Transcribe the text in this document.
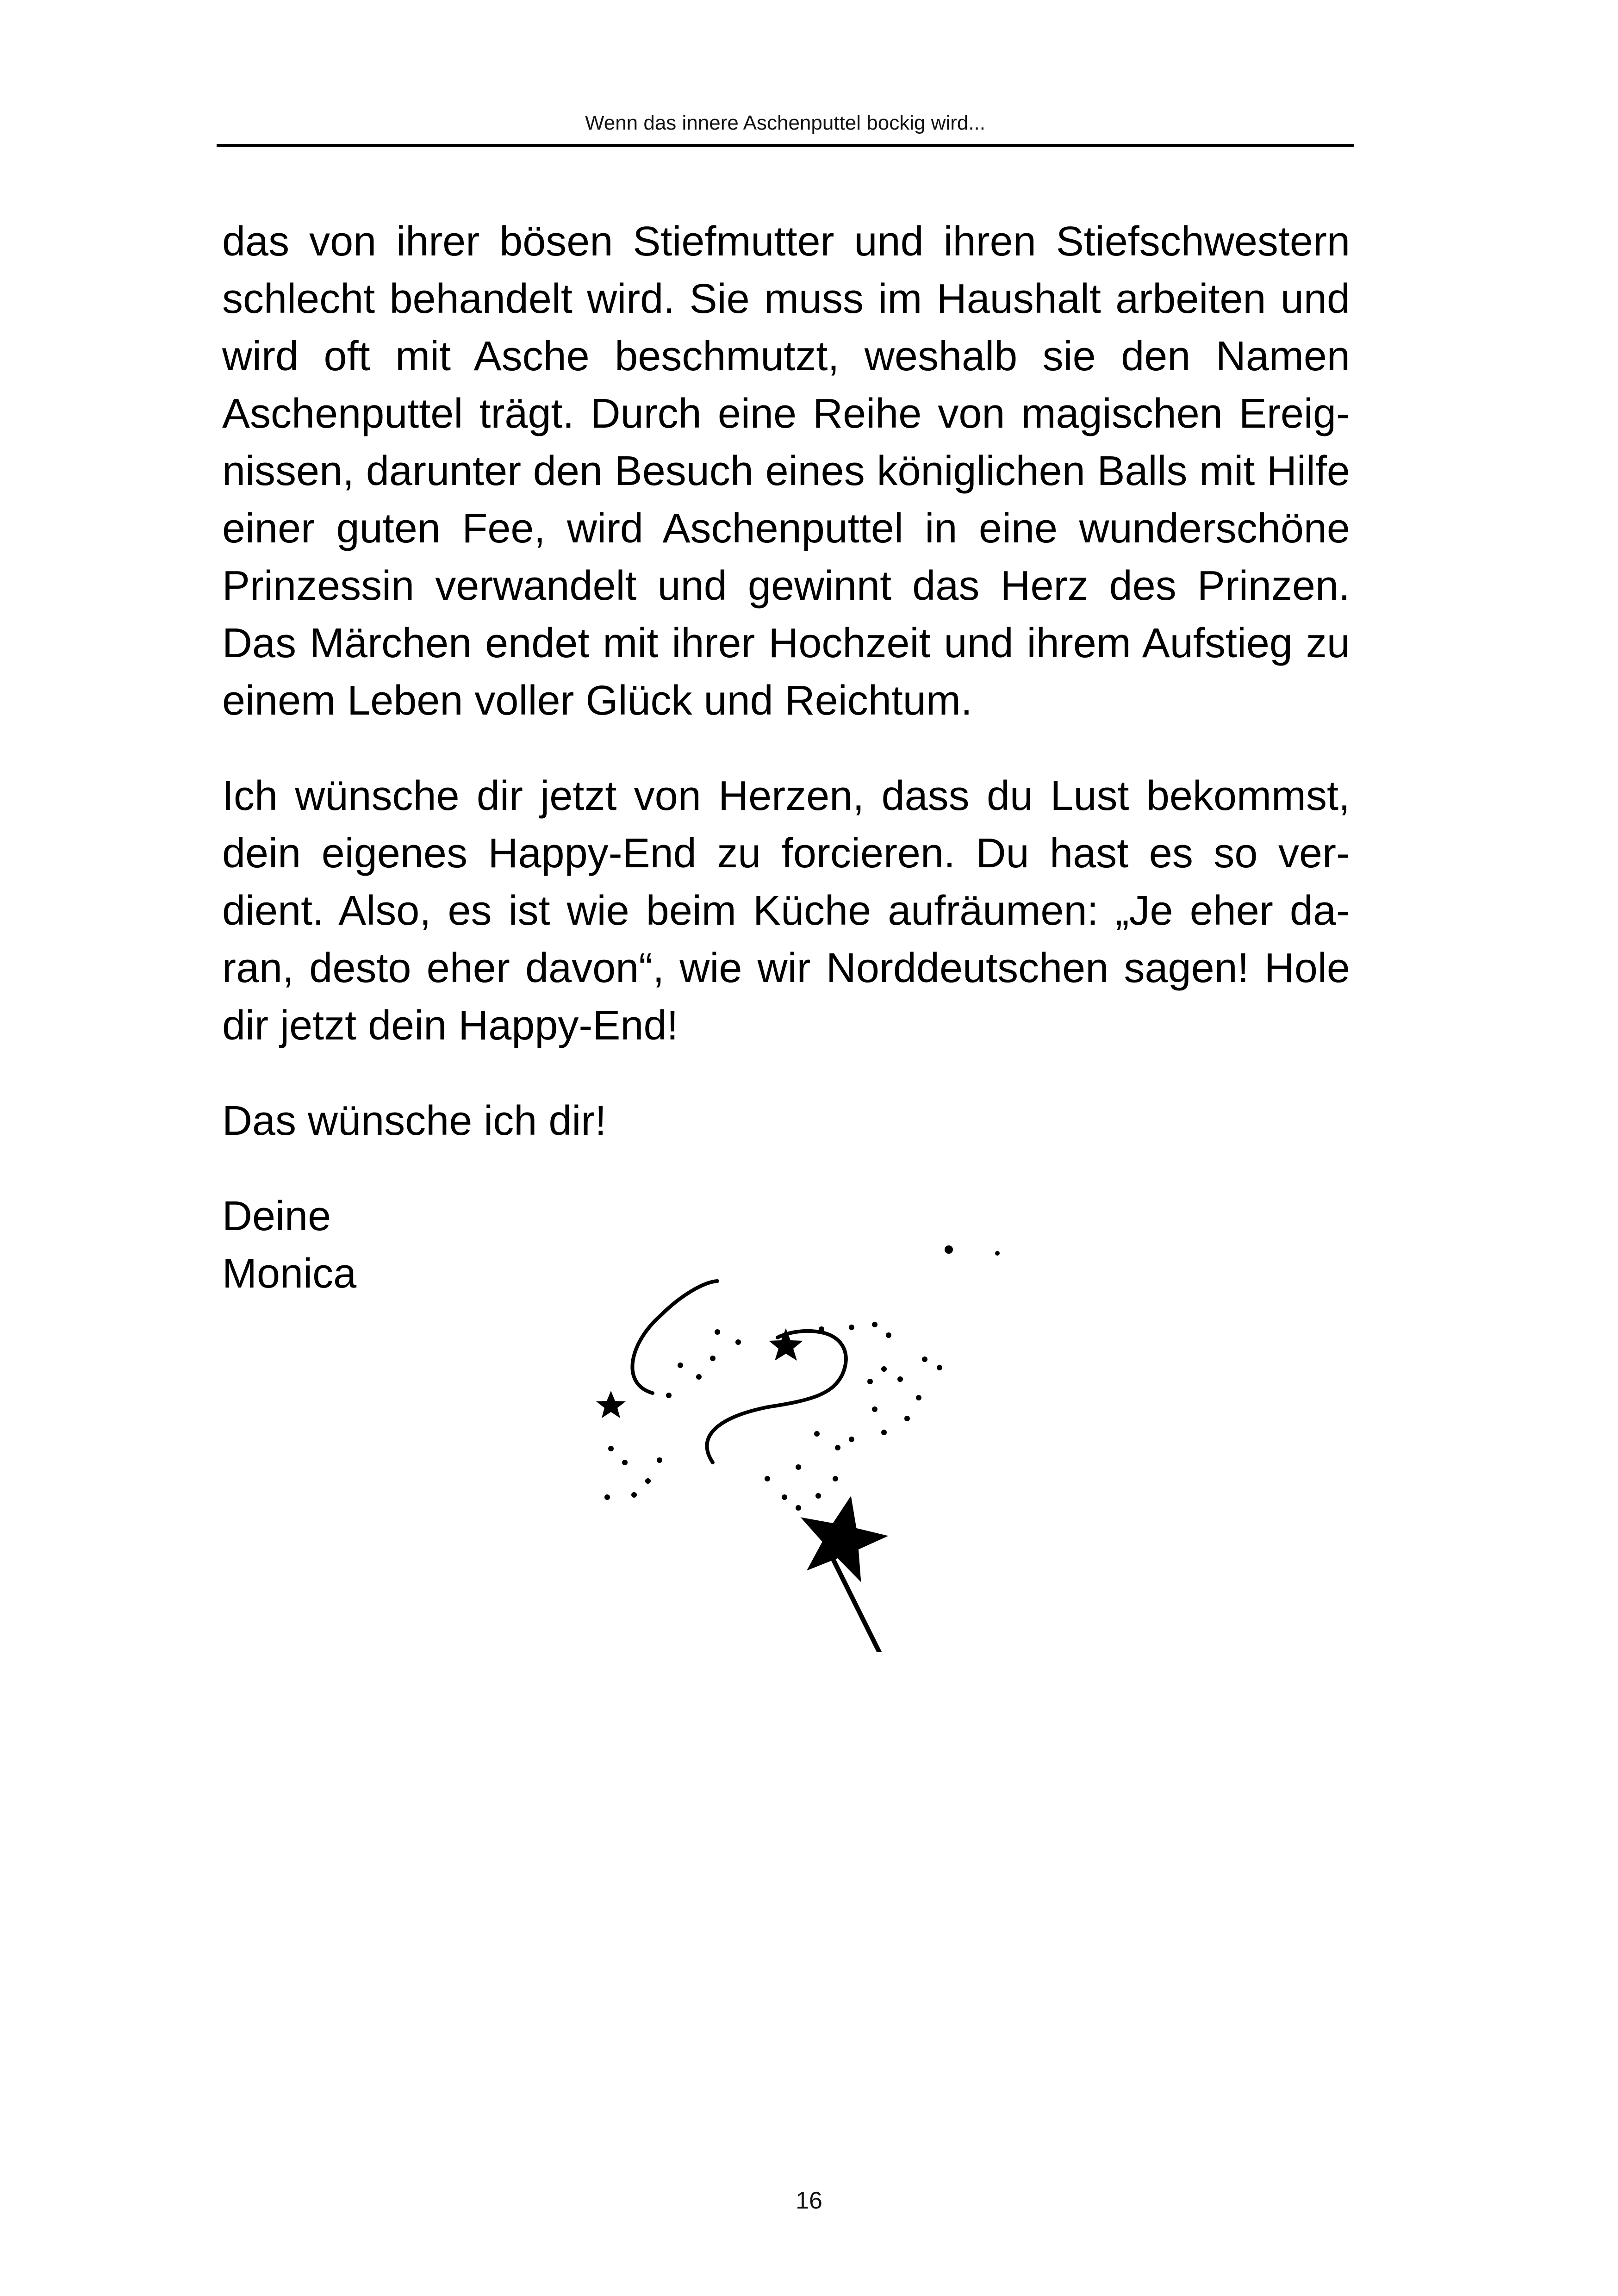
Wenn das innere Aschenputtel bockig wird...

das von ihrer bösen Stiefmutter und ihren Stiefschwestern schlecht behandelt wird. Sie muss im Haushalt arbeiten und wird oft mit Asche beschmutzt, weshalb sie den Namen Aschenputtel trägt. Durch eine Reihe von magischen Ereignissen, darunter den Besuch eines königlichen Balls mit Hilfe einer guten Fee, wird Aschenputtel in eine wunderschöne Prinzessin verwandelt und gewinnt das Herz des Prinzen. Das Märchen endet mit ihrer Hochzeit und ihrem Aufstieg zu einem Leben voller Glück und Reichtum.

Ich wünsche dir jetzt von Herzen, dass du Lust bekommst, dein eigenes Happy-End zu forcieren. Du hast es so verdient. Also, es ist wie beim Küche aufräumen: „Je eher daran, desto eher davon“, wie wir Norddeutschen sagen! Hole dir jetzt dein Happy-End!

Das wünsche ich dir!

Deine
Monica

16
